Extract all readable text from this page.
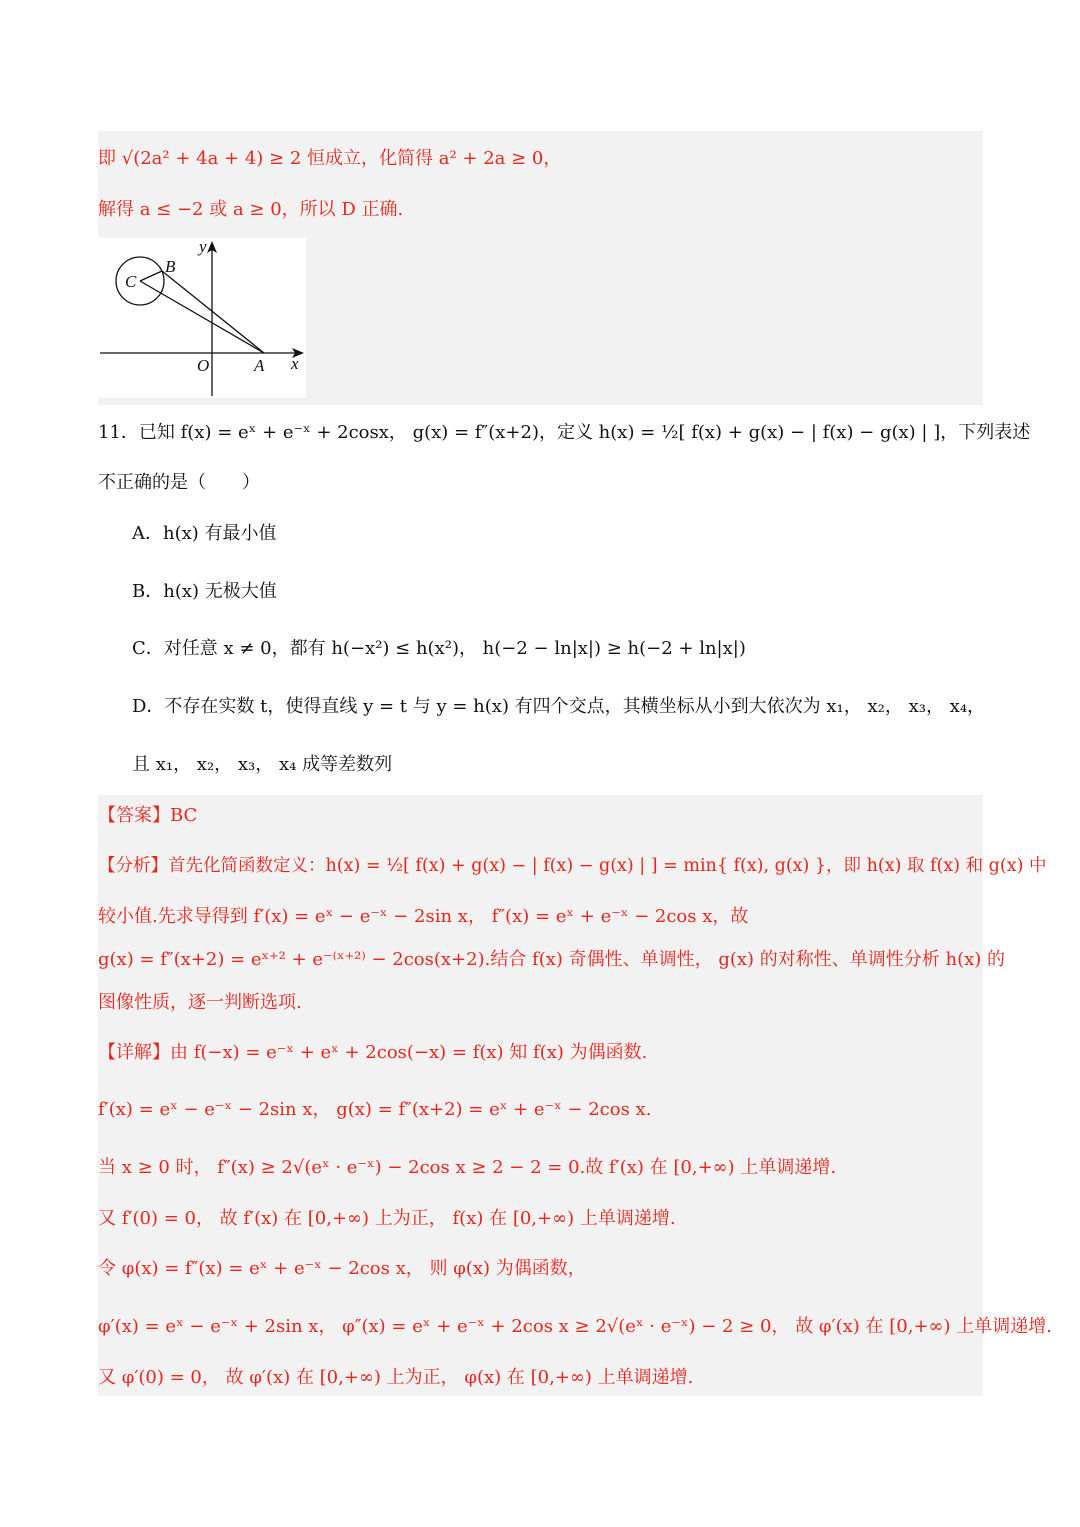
即 √(2a² + 4a + 4) ≥ 2 恒成立，化简得 a² + 2a ≥ 0，
解得 a ≤ −2 或 a ≥ 0，所以 D 正确.
y
x
O	A
B
C
11．已知 f(x) = eˣ + e⁻ˣ + 2cosx， g(x) = f″(x+2)，定义 h(x) = ½[ f(x) + g(x) − | f(x) − g(x) | ]，下列表述
不正确的是（　　）
A．h(x) 有最小值
B．h(x) 无极大值
C．对任意 x ≠ 0，都有 h(−x²) ≤ h(x²)， h(−2 − ln|x|) ≥ h(−2 + ln|x|)
D．不存在实数 t，使得直线 y = t 与 y = h(x) 有四个交点，其横坐标从小到大依次为 x₁， x₂， x₃， x₄，
且 x₁， x₂， x₃， x₄ 成等差数列
【答案】BC
【分析】首先化简函数定义：h(x) = ½[ f(x) + g(x) − | f(x) − g(x) | ] = min{ f(x), g(x) }，即 h(x) 取 f(x) 和 g(x) 中
较小值.先求导得到 f′(x) = eˣ − e⁻ˣ − 2sin x， f″(x) = eˣ + e⁻ˣ − 2cos x，故
g(x) = f″(x+2) = eˣ⁺² + e⁻⁽ˣ⁺²⁾ − 2cos(x+2).结合 f(x) 奇偶性、单调性， g(x) 的对称性、单调性分析 h(x) 的
图像性质，逐一判断选项.
【详解】由 f(−x) = e⁻ˣ + eˣ + 2cos(−x) = f(x) 知 f(x) 为偶函数.
f′(x) = eˣ − e⁻ˣ − 2sin x， g(x) = f″(x+2) = eˣ + e⁻ˣ − 2cos x.
当 x ≥ 0 时， f″(x) ≥ 2√(eˣ · e⁻ˣ) − 2cos x ≥ 2 − 2 = 0.故 f′(x) 在 [0,+∞) 上单调递增.
又 f′(0) = 0， 故 f′(x) 在 [0,+∞) 上为正， f(x) 在 [0,+∞) 上单调递增.
令 φ(x) = f″(x) = eˣ + e⁻ˣ − 2cos x， 则 φ(x) 为偶函数，
φ′(x) = eˣ − e⁻ˣ + 2sin x， φ″(x) = eˣ + e⁻ˣ + 2cos x ≥ 2√(eˣ · e⁻ˣ) − 2 ≥ 0， 故 φ′(x) 在 [0,+∞) 上单调递增.
又 φ′(0) = 0， 故 φ′(x) 在 [0,+∞) 上为正， φ(x) 在 [0,+∞) 上单调递增.
